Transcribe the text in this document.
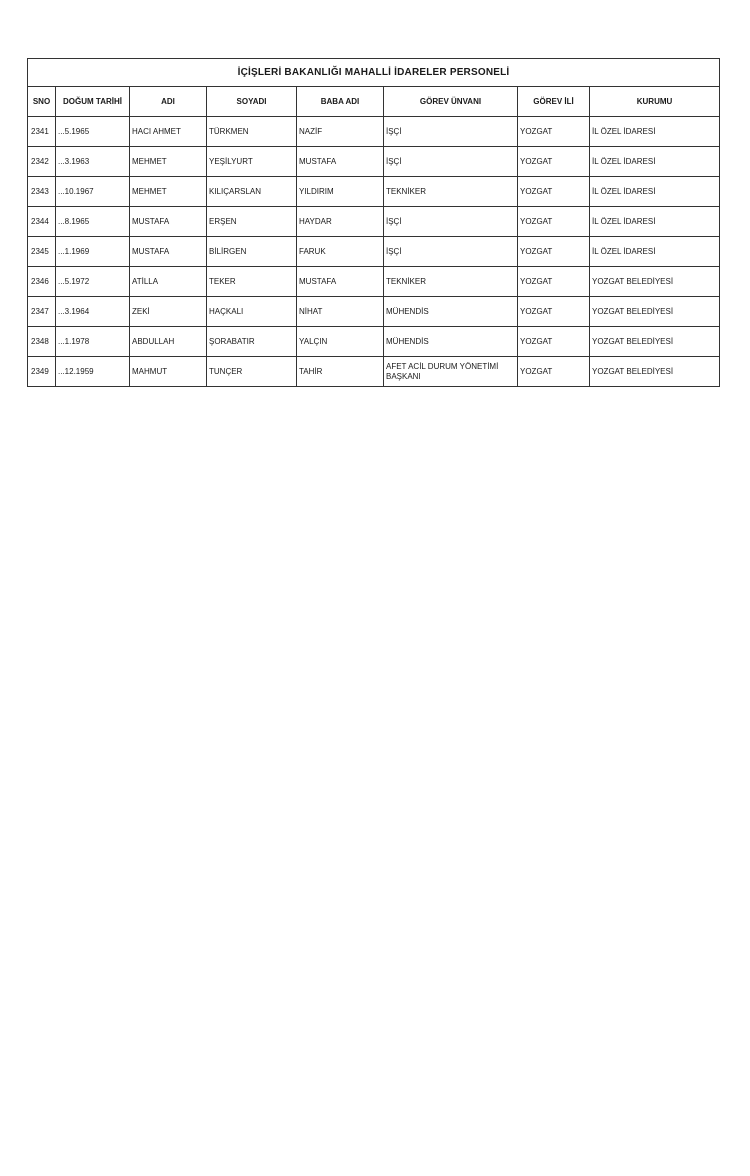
İÇİŞLERİ BAKANLIĞI MAHALLİ İDARELER PERSONELİ							
SNO	DOĞUM TARİHİ	ADI	SOYADI	BABA ADI	GÖREV ÜNVANI	GÖREV İLİ	KURUMU
2341	...5.1965	HACI AHMET	TÜRKMEN	NAZİF	İŞÇİ	YOZGAT	İL ÖZEL İDARESİ
2342	...3.1963	MEHMET	YEŞİLYURT	MUSTAFA	İŞÇİ	YOZGAT	İL ÖZEL İDARESİ
2343	...10.1967	MEHMET	KILIÇARSLAN	YILDIRIM	TEKNİKER	YOZGAT	İL ÖZEL İDARESİ
2344	...8.1965	MUSTAFA	ERŞEN	HAYDAR	İŞÇİ	YOZGAT	İL ÖZEL İDARESİ
2345	...1.1969	MUSTAFA	BİLİRGEN	FARUK	İŞÇİ	YOZGAT	İL ÖZEL İDARESİ
2346	...5.1972	ATİLLA	TEKER	MUSTAFA	TEKNİKER	YOZGAT	YOZGAT BELEDİYESİ
2347	...3.1964	ZEKİ	HAÇKALI	NİHAT	MÜHENDİS	YOZGAT	YOZGAT BELEDİYESİ
2348	...1.1978	ABDULLAH	ŞORABATIR	YALÇIN	MÜHENDİS	YOZGAT	YOZGAT BELEDİYESİ
2349	...12.1959	MAHMUT	TUNÇER	TAHİR	AFET ACİL DURUM YÖNETİMİ BAŞKANI	YOZGAT	YOZGAT BELEDİYESİ
